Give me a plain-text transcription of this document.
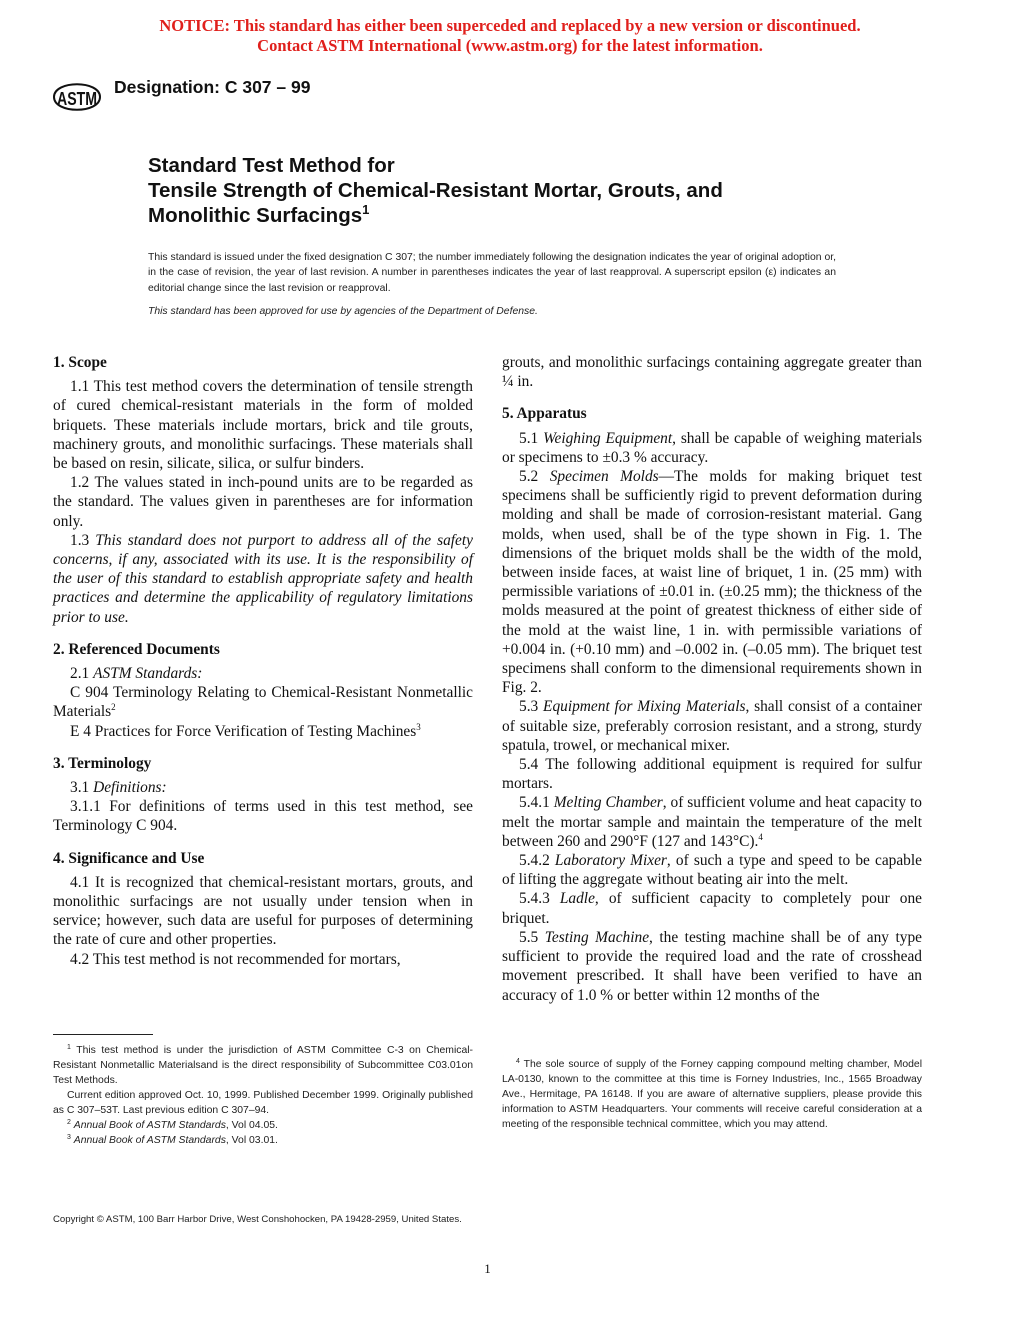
NOTICE: This standard has either been superceded and replaced by a new version or discontinued.
Contact ASTM International (www.astm.org) for the latest information.
ASTM
Designation: C 307 – 99
Standard Test Method for
Tensile Strength of Chemical-Resistant Mortar, Grouts, and
Monolithic Surfacings$^1$
This standard is issued under the fixed designation C 307; the number immediately following the designation indicates the year of original adoption or, in the case of revision, the year of last revision. A number in parentheses indicates the year of last reapproval. A superscript epsilon (ε) indicates an editorial change since the last revision or reapproval.
This standard has been approved for use by agencies of the Department of Defense.
1. Scope
1.1 This test method covers the determination of tensile strength of cured chemical-resistant materials in the form of molded briquets. These materials include mortars, brick and tile grouts, machinery grouts, and monolithic surfacings. These materials shall be based on resin, silicate, silica, or sulfur binders.
1.2 The values stated in inch-pound units are to be regarded as the standard. The values given in parentheses are for information only.
1.3 This standard does not purport to address all of the safety concerns, if any, associated with its use. It is the responsibility of the user of this standard to establish appropriate safety and health practices and determine the applicability of regulatory limitations prior to use.
2. Referenced Documents
2.1 ASTM Standards:
C 904 Terminology Relating to Chemical-Resistant Nonmetallic Materials$^2$
E 4 Practices for Force Verification of Testing Machines$^3$
3. Terminology
3.1 Definitions:
3.1.1 For definitions of terms used in this test method, see Terminology C 904.
4. Significance and Use
4.1 It is recognized that chemical-resistant mortars, grouts, and monolithic surfacings are not usually under tension when in service; however, such data are useful for purposes of determining the rate of cure and other properties.
4.2 This test method is not recommended for mortars,
grouts, and monolithic surfacings containing aggregate greater than ¼ in.
5. Apparatus
5.1 Weighing Equipment, shall be capable of weighing materials or specimens to ±0.3 % accuracy.
5.2 Specimen Molds—The molds for making briquet test specimens shall be sufficiently rigid to prevent deformation during molding and shall be made of corrosion-resistant material. Gang molds, when used, shall be of the type shown in Fig. 1. The dimensions of the briquet molds shall be the width of the mold, between inside faces, at waist line of briquet, 1 in. (25 mm) with permissible variations of ±0.01 in. (±0.25 mm); the thickness of the molds measured at the point of greatest thickness of either side of the mold at the waist line, 1 in. with permissible variations of +0.004 in. (+0.10 mm) and –0.002 in. (–0.05 mm). The briquet test specimens shall conform to the dimensional requirements shown in Fig. 2.
5.3 Equipment for Mixing Materials, shall consist of a container of suitable size, preferably corrosion resistant, and a strong, sturdy spatula, trowel, or mechanical mixer.
5.4 The following additional equipment is required for sulfur mortars.
5.4.1 Melting Chamber, of sufficient volume and heat capacity to melt the mortar sample and maintain the temperature of the melt between 260 and 290°F (127 and 143°C).$^4$
5.4.2 Laboratory Mixer, of such a type and speed to be capable of lifting the aggregate without beating air into the melt.
5.4.3 Ladle, of sufficient capacity to completely pour one briquet.
5.5 Testing Machine, the testing machine shall be of any type sufficient to provide the required load and the rate of crosshead movement prescribed. It shall have been verified to have an accuracy of 1.0 % or better within 12 months of the
$^1$ This test method is under the jurisdiction of ASTM Committee C-3 on Chemical-Resistant Nonmetallic Materialsand is the direct responsibility of Subcommittee C03.01on Test Methods.
Current edition approved Oct. 10, 1999. Published December 1999. Originally published as C 307–53T. Last previous edition C 307–94.
$^2$ Annual Book of ASTM Standards, Vol 04.05.
$^3$ Annual Book of ASTM Standards, Vol 03.01.
$^4$ The sole source of supply of the Forney capping compound melting chamber, Model LA-0130, known to the committee at this time is Forney Industries, Inc., 1565 Broadway Ave., Hermitage, PA 16148. If you are aware of alternative suppliers, please provide this information to ASTM Headquarters. Your comments will receive careful consideration at a meeting of the responsible technical committee, which you may attend.
Copyright © ASTM, 100 Barr Harbor Drive, West Conshohocken, PA 19428-2959, United States.
1
